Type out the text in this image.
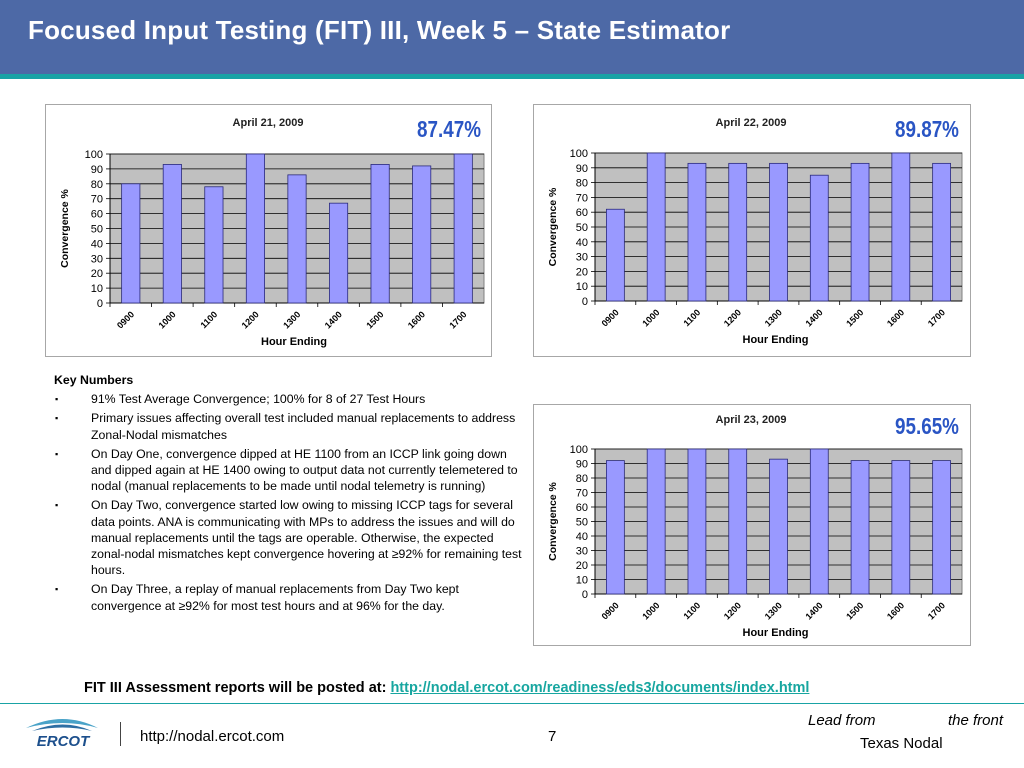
Focused Input Testing (FIT) III, Week 5 – State Estimator
April 21, 2009	87.47%
0
10
20
30
40
50
60
70
80
90
100
0900 1000 1100 1200 1300 1400 1500 1600 1700
Hour Ending
Convergence %
April 22, 2009	89.87%
0
10
20
30
40
50
60
70
80
90
100
0900 1000 1100 1200 1300 1400 1500 1600 1700
Hour Ending
Convergence %
April 23, 2009	95.65%
0
10
20
30
40
50
60
70
80
90
100
0900 1000 1100 1200 1300 1400 1500 1600 1700
Hour Ending
Convergence %
Key Numbers
▪	91% Test Average Convergence; 100% for 8 of 27 Test Hours
▪	Primary issues affecting overall test included manual replacements to address Zonal-Nodal mismatches
▪	On Day One, convergence dipped at HE 1100 from an ICCP link going down and dipped again at HE 1400 owing to output data not currently telemetered to nodal (manual replacements to be made until nodal telemetry is running)
▪	On Day Two, convergence started low owing to missing ICCP tags for several data points. ANA is communicating with MPs to address the issues and will do manual replacements until the tags are operable. Otherwise, the expected zonal-nodal mismatches kept convergence hovering at ≥92% for remaining test hours.
▪	On Day Three, a replay of manual replacements from Day Two kept convergence at ≥92% for most test hours and at 96% for the day.
FIT III Assessment reports will be posted at: http://nodal.ercot.com/readiness/eds3/documents/index.html
ERCOT	http://nodal.ercot.com	7
Lead from	the front
Texas Nodal
